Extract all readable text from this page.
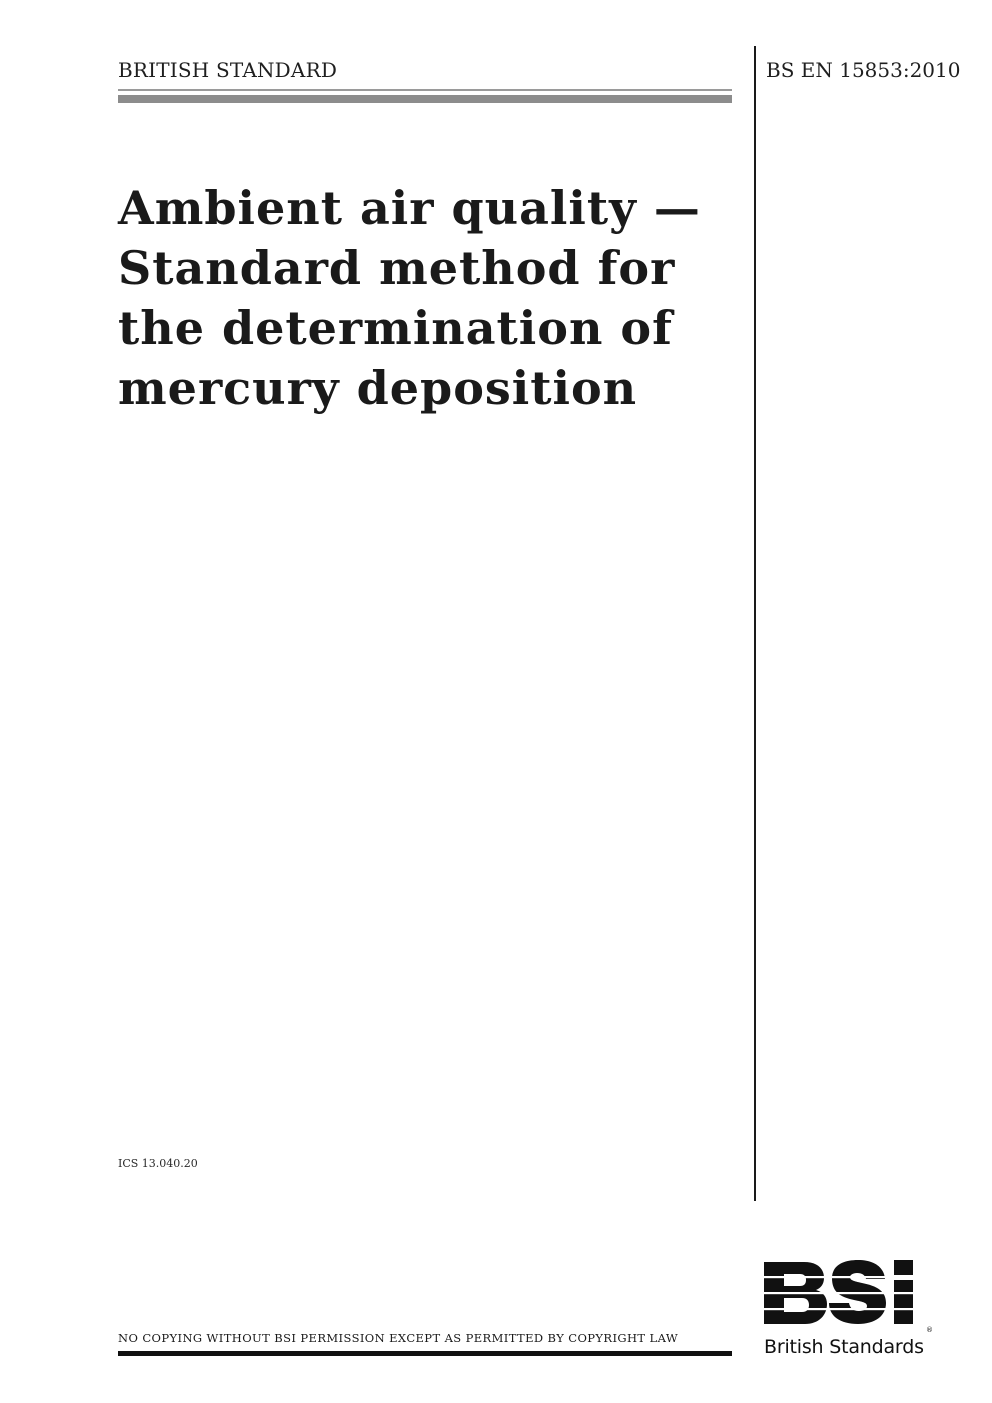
BRITISH STANDARD	BS EN 15853:2010
Ambient air quality —
Standard method for
the determination of
mercury deposition
ICS 13.040.20
NO COPYING WITHOUT BSI PERMISSION EXCEPT AS PERMITTED BY COPYRIGHT LAW
®
British Standards
